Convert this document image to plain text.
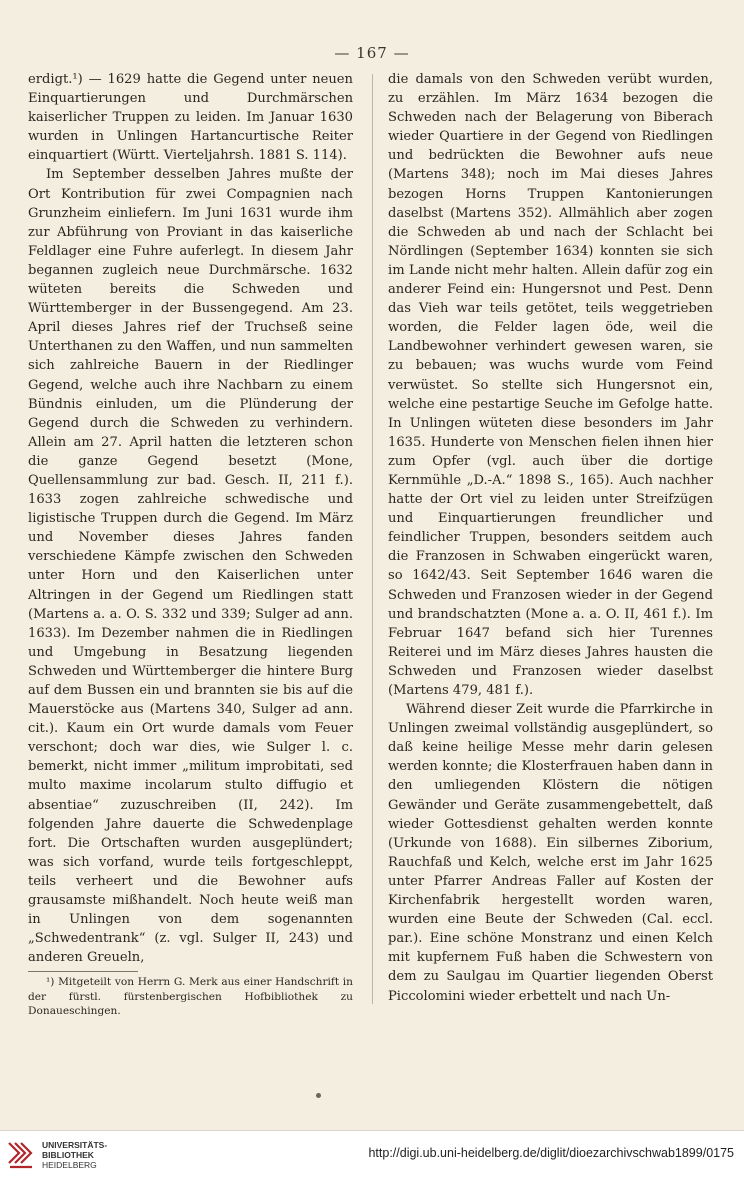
— 167 —

erdigt.¹) — 1629 hatte die Gegend unter neuen Einquartierungen und Durchmärschen kaiserlicher Truppen zu leiden. Im Januar 1630 wurden in Unlingen Hartancurtische Reiter einquartiert (Württ. Vierteljahrsh. 1881 S. 114).

Im September desselben Jahres mußte der Ort Kontribution für zwei Compagnien nach Grunzheim einliefern. Im Juni 1631 wurde ihm zur Abführung von Proviant in das kaiserliche Feldlager eine Fuhre auferlegt. In diesem Jahr begannen zugleich neue Durchmärsche. 1632 wüteten bereits die Schweden und Württemberger in der Bussengegend. Am 23. April dieses Jahres rief der Truchseß seine Unterthanen zu den Waffen, und nun sammelten sich zahlreiche Bauern in der Riedlinger Gegend, welche auch ihre Nachbarn zu einem Bündnis einluden, um die Plünderung der Gegend durch die Schweden zu verhindern. Allein am 27. April hatten die letzteren schon die ganze Gegend besetzt (Mone, Quellensammlung zur bad. Gesch. II, 211 f.). 1633 zogen zahlreiche schwedische und ligistische Truppen durch die Gegend. Im März und November dieses Jahres fanden verschiedene Kämpfe zwischen den Schweden unter Horn und den Kaiserlichen unter Altringen in der Gegend um Riedlingen statt (Martens a. a. O. S. 332 und 339; Sulger ad ann. 1633). Im Dezember nahmen die in Riedlingen und Umgebung in Besatzung liegenden Schweden und Württemberger die hintere Burg auf dem Bussen ein und brannten sie bis auf die Mauerstöcke aus (Martens 340, Sulger ad ann. cit.). Kaum ein Ort wurde damals vom Feuer verschont; doch war dies, wie Sulger l. c. bemerkt, nicht immer „militum improbitati, sed multo maxime incolarum stulto diffugio et absentiae“ zuzuschreiben (II, 242). Im folgenden Jahre dauerte die Schwedenplage fort. Die Ortschaften wurden ausgeplündert; was sich vorfand, wurde teils fortgeschleppt, teils verheert und die Bewohner aufs grausamste mißhandelt. Noch heute weiß man in Unlingen von dem sogenannten „Schwedentrank“ (z. vgl. Sulger II, 243) und anderen Greueln,

¹) Mitgeteilt von Herrn G. Merk aus einer Handschrift in der fürstl. fürstenbergischen Hofbibliothek zu Donaueschingen.

die damals von den Schweden verübt wurden, zu erzählen. Im März 1634 bezogen die Schweden nach der Belagerung von Biberach wieder Quartiere in der Gegend von Riedlingen und bedrückten die Bewohner aufs neue (Martens 348); noch im Mai dieses Jahres bezogen Horns Truppen Kantonierungen daselbst (Martens 352). Allmählich aber zogen die Schweden ab und nach der Schlacht bei Nördlingen (September 1634) konnten sie sich im Lande nicht mehr halten. Allein dafür zog ein anderer Feind ein: Hungersnot und Pest. Denn das Vieh war teils getötet, teils weggetrieben worden, die Felder lagen öde, weil die Landbewohner verhindert gewesen waren, sie zu bebauen; was wuchs wurde vom Feind verwüstet. So stellte sich Hungersnot ein, welche eine pestartige Seuche im Gefolge hatte. In Unlingen wüteten diese besonders im Jahr 1635. Hunderte von Menschen fielen ihnen hier zum Opfer (vgl. auch über die dortige Kernmühle „D.-A.“ 1898 S., 165). Auch nachher hatte der Ort viel zu leiden unter Streifzügen und Einquartierungen freundlicher und feindlicher Truppen, besonders seitdem auch die Franzosen in Schwaben eingerückt waren, so 1642/43. Seit September 1646 waren die Schweden und Franzosen wieder in der Gegend und brandschatzten (Mone a. a. O. II, 461 f.). Im Februar 1647 befand sich hier Turennes Reiterei und im März dieses Jahres hausten die Schweden und Franzosen wieder daselbst (Martens 479, 481 f.).

Während dieser Zeit wurde die Pfarrkirche in Unlingen zweimal vollständig ausgeplündert, so daß keine heilige Messe mehr darin gelesen werden konnte; die Klosterfrauen haben dann in den umliegenden Klöstern die nötigen Gewänder und Geräte zusammengebettelt, daß wieder Gottesdienst gehalten werden konnte (Urkunde von 1688). Ein silbernes Ziborium, Rauchfaß und Kelch, welche erst im Jahr 1625 unter Pfarrer Andreas Faller auf Kosten der Kirchenfabrik hergestellt worden waren, wurden eine Beute der Schweden (Cal. eccl. par.). Eine schöne Monstranz und einen Kelch mit kupfernem Fuß haben die Schwestern von dem zu Saulgau im Quartier liegenden Oberst Piccolomini wieder erbettelt und nach Un-

UNIVERSITÄTS-
BIBLIOTHEK
HEIDELBERG
http://digi.ub.uni-heidelberg.de/diglit/dioezarchivschwab1899/0175
